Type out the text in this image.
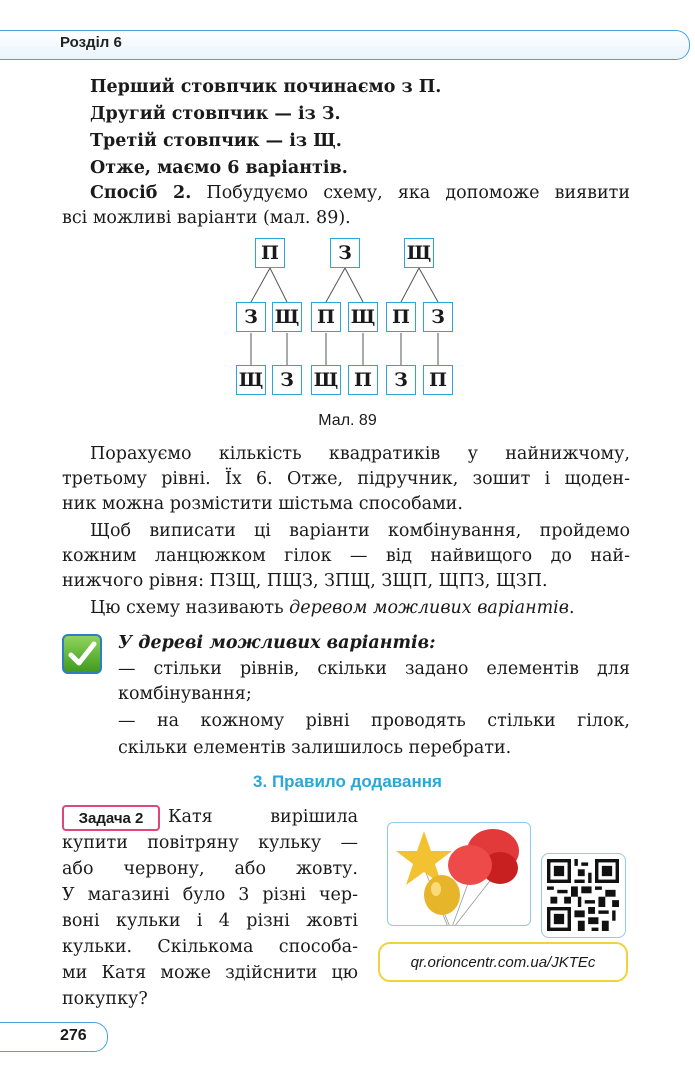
Розділ 6
Перший стовпчик починаємо з П.
Другий стовпчик — із З.
Третій стовпчик — із Щ.
Отже, маємо 6 варіантів.
Спосіб 2. Побудуємо схему, яка допоможе виявити
всі можливі варіанти (мал. 89).
П	З	Щ
З Щ П Щ П	З
Щ З	Щ П	З	П
Мал. 89
Порахуємо кількість квадратиків у найнижчому,
третьому рівні. Їх 6. Отже, підручник, зошит і щоден-
ник можна розмістити шістьма способами.
Щоб виписати ці варіанти комбінування, пройдемо
кожним ланцюжком гілок — від найвищого до най-
нижчого рівня: ПЗЩ, ПЩЗ, ЗПЩ, ЗЩП, ЩПЗ, ЩЗП.
Цю схему називають деревом можливих варіантів.
У дереві можливих варіантів:
— стільки рівнів, скільки задано елементів для
комбінування;
— на кожному рівні проводять стільки гілок,
скільки елементів залишилось перебрати.
3. Правило додавання
Задача 2	Катя вирішила
купити повітряну кульку —
або червону, або жовту.
У магазині було 3 різні чер-
воні кульки і 4 різні жовті
кульки. Скількома способа-
ми Катя може здійснити цю
покупку?
qr.orioncentr.com.ua/JKTEc
276
